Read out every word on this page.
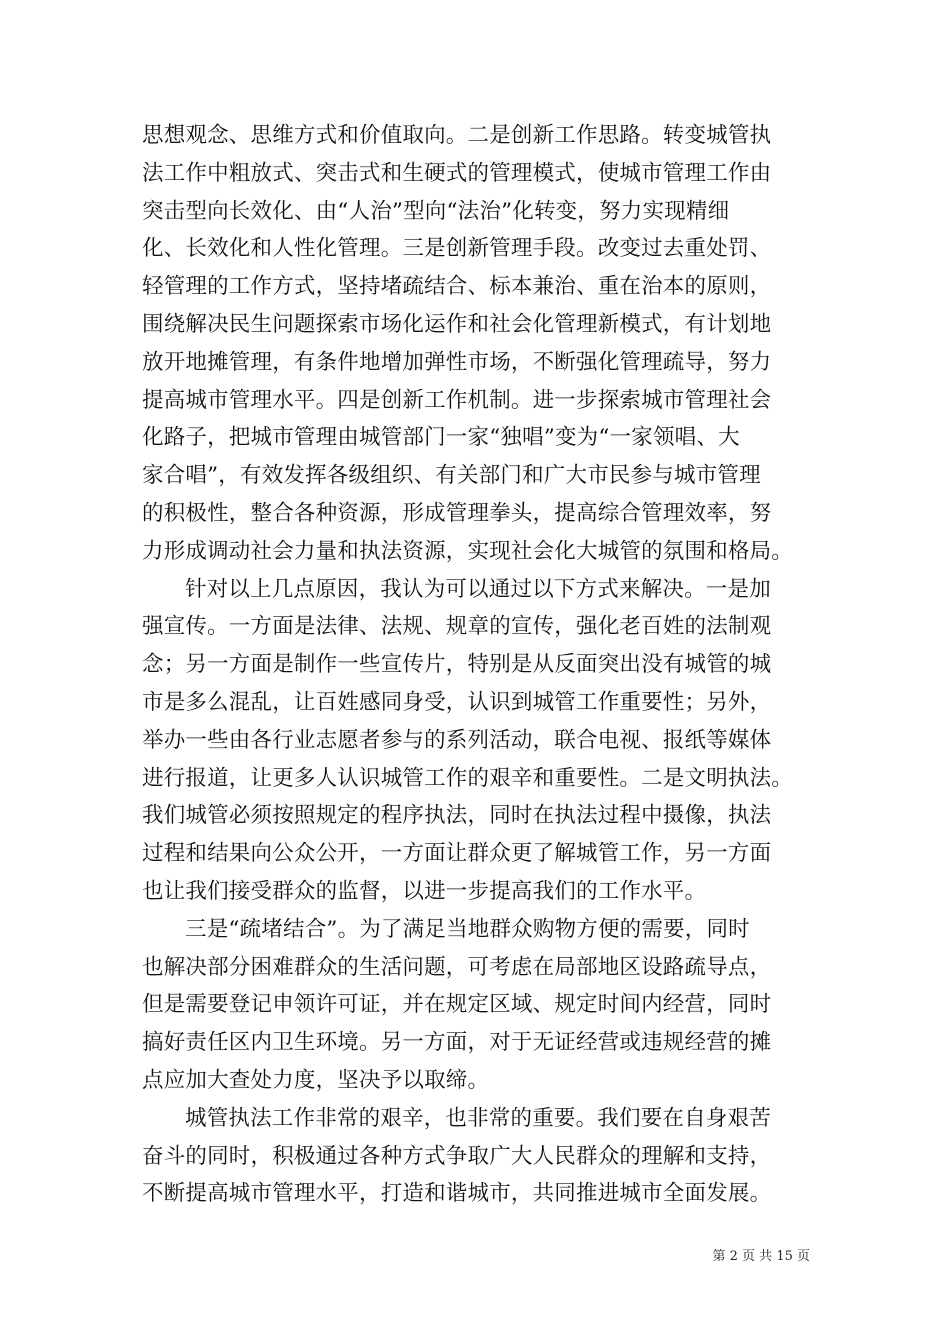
思想观念、思维方式和价值取向。二是创新工作思路。转变城管执
法工作中粗放式、突击式和生硬式的管理模式，使城市管理工作由
突击型向长效化、由“人治”型向“法治”化转变，努力实现精细
化、长效化和人性化管理。三是创新管理手段。改变过去重处罚、
轻管理的工作方式，坚持堵疏结合、标本兼治、重在治本的原则，
围绕解决民生问题探索市场化运作和社会化管理新模式，有计划地
放开地摊管理，有条件地增加弹性市场，不断强化管理疏导，努力
提高城市管理水平。四是创新工作机制。进一步探索城市管理社会
化路子，把城市管理由城管部门一家“独唱”变为“一家领唱、大
家合唱”，有效发挥各级组织、有关部门和广大市民参与城市管理
的积极性，整合各种资源，形成管理拳头，提高综合管理效率，努
力形成调动社会力量和执法资源，实现社会化大城管的氛围和格局。
针对以上几点原因，我认为可以通过以下方式来解决。一是加
强宣传。一方面是法律、法规、规章的宣传，强化老百姓的法制观
念；另一方面是制作一些宣传片，特别是从反面突出没有城管的城
市是多么混乱，让百姓感同身受，认识到城管工作重要性；另外，
举办一些由各行业志愿者参与的系列活动，联合电视、报纸等媒体
进行报道，让更多人认识城管工作的艰辛和重要性。二是文明执法。
我们城管必须按照规定的程序执法，同时在执法过程中摄像，执法
过程和结果向公众公开，一方面让群众更了解城管工作，另一方面
也让我们接受群众的监督，以进一步提高我们的工作水平。
三是“疏堵结合”。为了满足当地群众购物方便的需要，同时
也解决部分困难群众的生活问题，可考虑在局部地区设路疏导点，
但是需要登记申领许可证，并在规定区域、规定时间内经营，同时
搞好责任区内卫生环境。另一方面，对于无证经营或违规经营的摊
点应加大查处力度，坚决予以取缔。
城管执法工作非常的艰辛，也非常的重要。我们要在自身艰苦
奋斗的同时，积极通过各种方式争取广大人民群众的理解和支持，
不断提高城市管理水平，打造和谐城市，共同推进城市全面发展。
第 2 页 共 15 页
